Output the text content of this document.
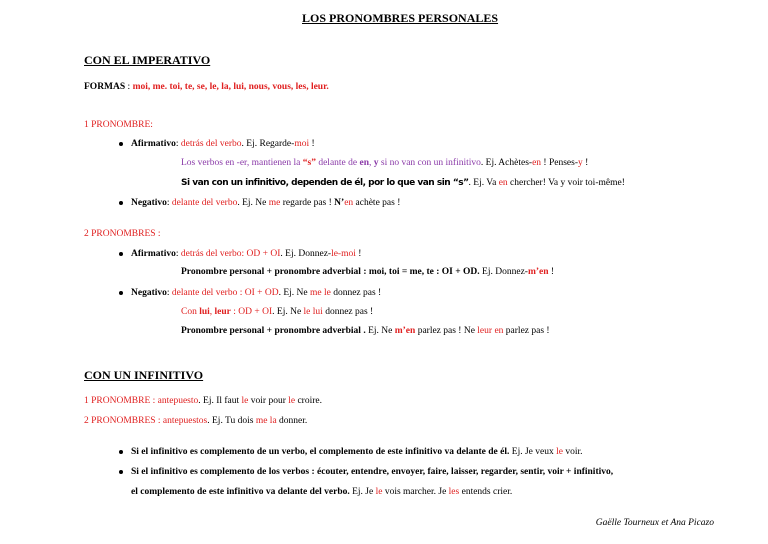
LOS PRONOMBRES PERSONALES
CON EL IMPERATIVO
FORMAS : moi, me. toi, te, se, le, la, lui, nous, vous, les, leur.
1 PRONOMBRE:
Afirmativo: detrás del verbo. Ej. Regarde-moi !
Los verbos en -er, mantienen la “s” delante de en, y si no van con un infinitivo. Ej. Achètes-en ! Penses-y !
Si van con un infinitivo, dependen de él, por lo que van sin “s”. Ej. Va en chercher! Va y voir toi-même!
Negativo: delante del verbo. Ej. Ne me regarde pas ! N’en achète pas !
2 PRONOMBRES :
Afirmativo: detrás del verbo: OD + OI. Ej. Donnez-le-moi !
Pronombre personal + pronombre adverbial : moi, toi = me, te : OI + OD. Ej. Donnez-m’en !
Negativo: delante del verbo : OI + OD. Ej. Ne me le donnez pas !
Con lui, leur : OD + OI. Ej. Ne le lui donnez pas !
Pronombre personal + pronombre adverbial . Ej. Ne m’en parlez pas ! Ne leur en parlez pas !
CON UN INFINITIVO
1 PRONOMBRE : antepuesto. Ej. Il faut le voir pour le croire.
2 PRONOMBRES : antepuestos. Ej. Tu dois me la donner.
Si el infinitivo es complemento de un verbo, el complemento de este infinitivo va delante de él. Ej. Je veux le voir.
Si el infinitivo es complemento de los verbos : écouter, entendre, envoyer, faire, laisser, regarder, sentir, voir + infinitivo,
el complemento de este infinitivo va delante del verbo. Ej. Je le vois marcher. Je les entends crier.
Gaëlle Tourneux et Ana Picazo
